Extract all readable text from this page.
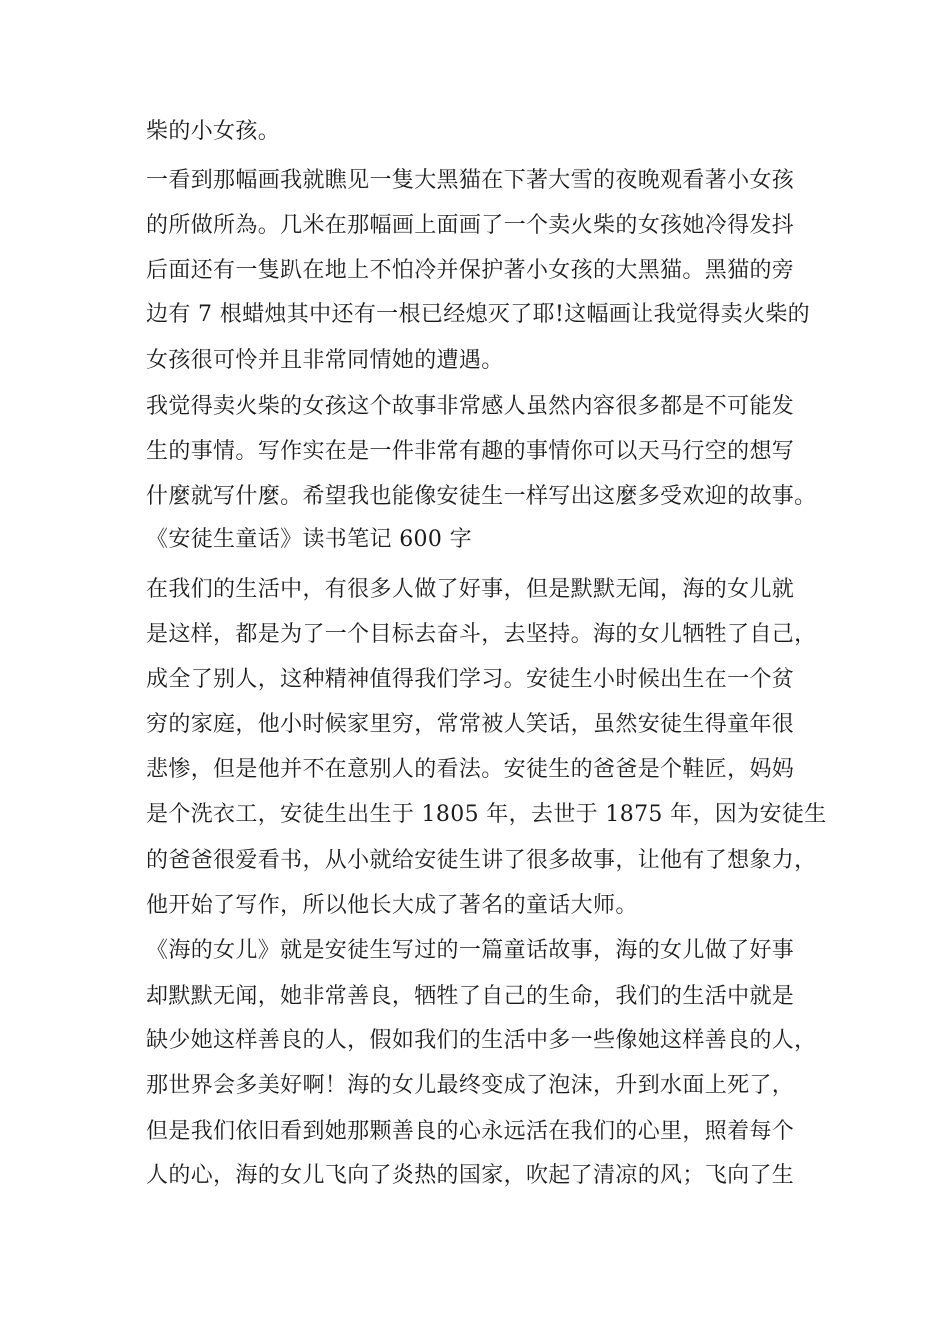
柴的小女孩。
一看到那幅画我就瞧见一隻大黑猫在下著大雪的夜晚观看著小女孩
的所做所為。几米在那幅画上面画了一个卖火柴的女孩她冷得发抖
后面还有一隻趴在地上不怕冷并保护著小女孩的大黑猫。黑猫的旁
边有 7 根蜡烛其中还有一根已经熄灭了耶!这幅画让我觉得卖火柴的
女孩很可怜并且非常同情她的遭遇。
我觉得卖火柴的女孩这个故事非常感人虽然内容很多都是不可能发
生的事情。写作实在是一件非常有趣的事情你可以天马行空的想写
什麼就写什麼。希望我也能像安徒生一样写出这麼多受欢迎的故事。
《安徒生童话》读书笔记 600 字
在我们的生活中，有很多人做了好事，但是默默无闻，海的女儿就
是这样，都是为了一个目标去奋斗，去坚持。海的女儿牺牲了自己，
成全了别人，这种精神值得我们学习。安徒生小时候出生在一个贫
穷的家庭，他小时候家里穷，常常被人笑话，虽然安徒生得童年很
悲惨，但是他并不在意别人的看法。安徒生的爸爸是个鞋匠，妈妈
是个洗衣工，安徒生出生于 1805 年，去世于 1875 年，因为安徒生
的爸爸很爱看书，从小就给安徒生讲了很多故事，让他有了想象力，
他开始了写作，所以他长大成了著名的童话大师。
《海的女儿》就是安徒生写过的一篇童话故事，海的女儿做了好事
却默默无闻，她非常善良，牺牲了自己的生命，我们的生活中就是
缺少她这样善良的人，假如我们的生活中多一些像她这样善良的人，
那世界会多美好啊！海的女儿最终变成了泡沫，升到水面上死了，
但是我们依旧看到她那颗善良的心永远活在我们的心里，照着每个
人的心，海的女儿飞向了炎热的国家，吹起了清凉的风；飞向了生
